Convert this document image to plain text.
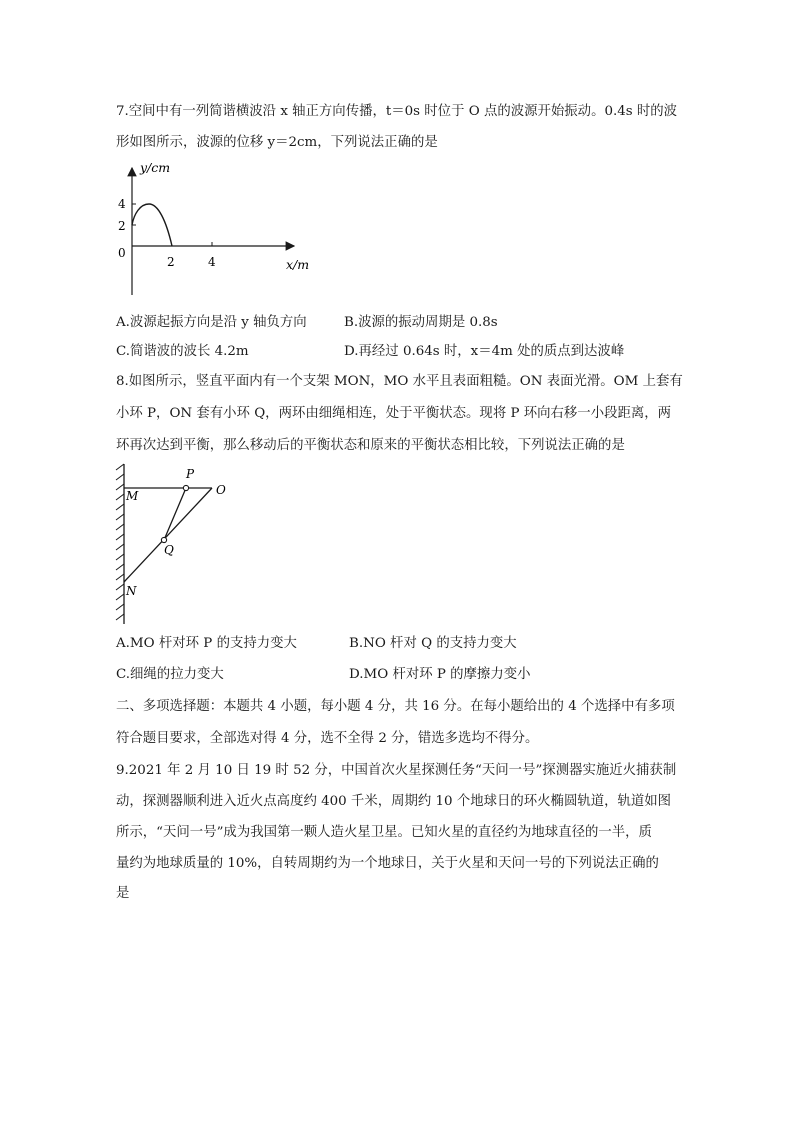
7.空间中有一列简谐横波沿 x 轴正方向传播，t＝0s 时位于 O 点的波源开始振动。0.4s 时的波
形如图所示，波源的位移 y＝2cm，下列说法正确的是
y/cm
x/m
4
2
0
2	4
A.波源起振方向是沿 y 轴负方向	B.波源的振动周期是 0.8s
C.简谐波的波长 4.2m	D.再经过 0.64s 时，x＝4m 处的质点到达波峰
8.如图所示，竖直平面内有一个支架 MON，MO 水平且表面粗糙。ON 表面光滑。OM 上套有
小环 P，ON 套有小环 Q，两环由细绳相连，处于平衡状态。现将 P 环向右移一小段距离，两
环再次达到平衡，那么移动后的平衡状态和原来的平衡状态相比较，下列说法正确的是
P
O
M
Q
N
A.MO 杆对环 P 的支持力变大	B.NO 杆对 Q 的支持力变大
C.细绳的拉力变大	D.MO 杆对环 P 的摩擦力变小
二、多项选择题：本题共 4 小题，每小题 4 分，共 16 分。在每小题给出的 4 个选择中有多项
符合题目要求，全部选对得 4 分，选不全得 2 分，错选多选均不得分。
9.2021 年 2 月 10 日 19 时 52 分，中国首次火星探测任务“天问一号”探测器实施近火捕获制
动，探测器顺利进入近火点高度约 400 千米，周期约 10 个地球日的环火椭圆轨道，轨道如图
所示，“天问一号”成为我国第一颗人造火星卫星。已知火星的直径约为地球直径的一半，质
量约为地球质量的 10%，自转周期约为一个地球日，关于火星和天问一号的下列说法正确的
是
